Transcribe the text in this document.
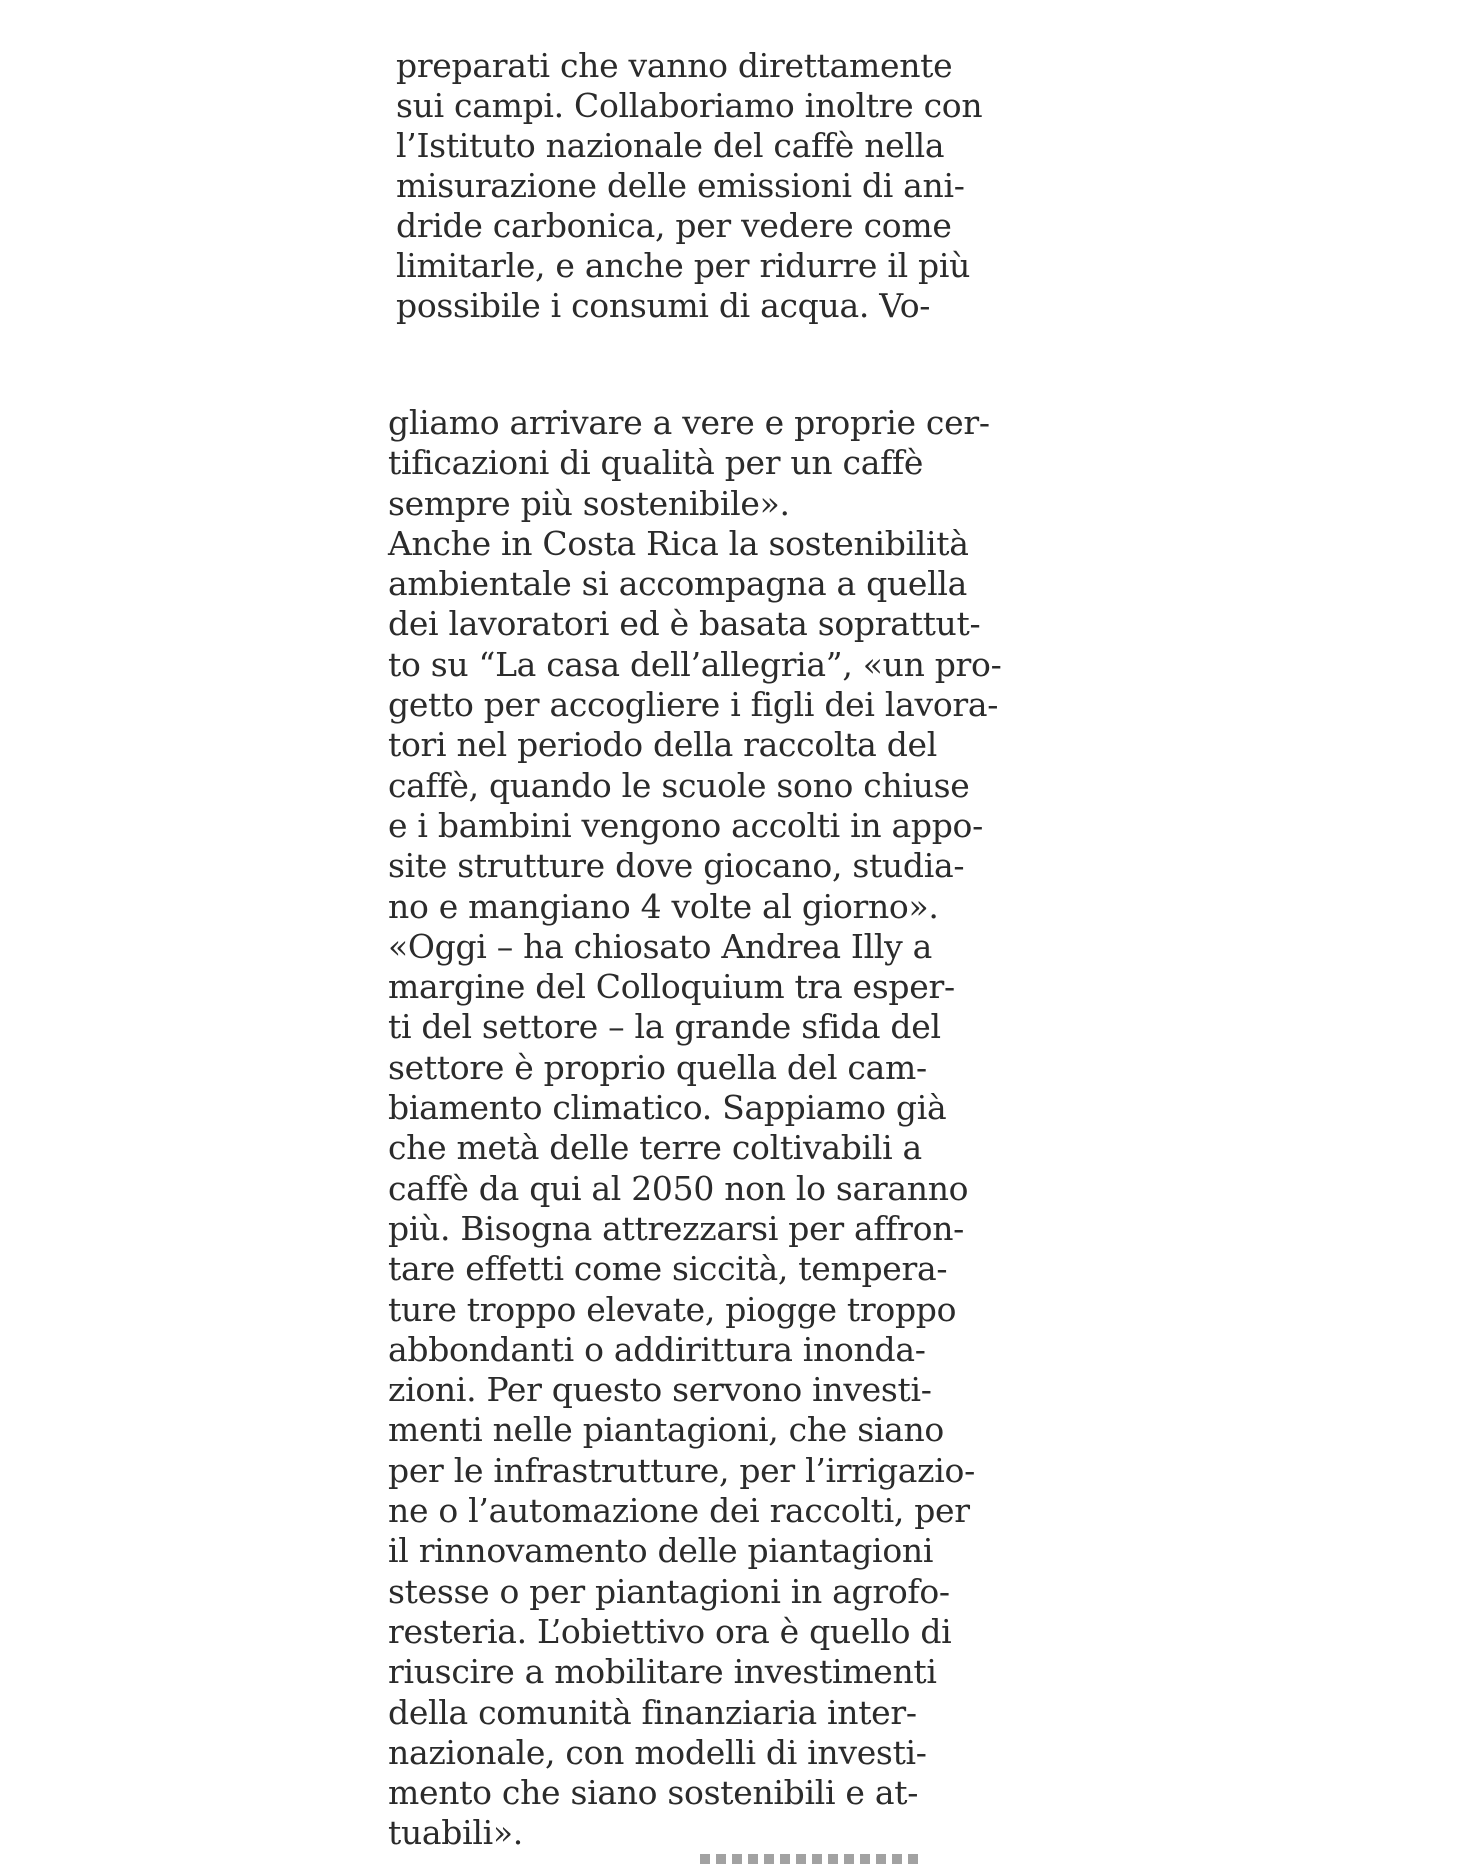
preparati che vanno direttamente
sui campi. Collaboriamo inoltre con
l’Istituto nazionale del caffè nella
misurazione delle emissioni di ani-
dride carbonica, per vedere come
limitarle, e anche per ridurre il più
possibile i consumi di acqua. Vo-
gliamo arrivare a vere e proprie cer-
tificazioni di qualità per un caffè
sempre più sostenibile».
Anche in Costa Rica la sostenibilità
ambientale si accompagna a quella
dei lavoratori ed è basata soprattut-
to su “La casa dell’allegria”, «un pro-
getto per accogliere i figli dei lavora-
tori nel periodo della raccolta del
caffè, quando le scuole sono chiuse
e i bambini vengono accolti in appo-
site strutture dove giocano, studia-
no e mangiano 4 volte al giorno».
«Oggi – ha chiosato Andrea Illy a
margine del Colloquium tra esper-
ti del settore – la grande sfida del
settore è proprio quella del cam-
biamento climatico. Sappiamo già
che metà delle terre coltivabili a
caffè da qui al 2050 non lo saranno
più. Bisogna attrezzarsi per affron-
tare effetti come siccità, tempera-
ture troppo elevate, piogge troppo
abbondanti o addirittura inonda-
zioni. Per questo servono investi-
menti nelle piantagioni, che siano
per le infrastrutture, per l’irrigazio-
ne o l’automazione dei raccolti, per
il rinnovamento delle piantagioni
stesse o per piantagioni in agrofo-
resteria. L’obiettivo ora è quello di
riuscire a mobilitare investimenti
della comunità finanziaria inter-
nazionale, con modelli di investi-
mento che siano sostenibili e at-
tuabili».
